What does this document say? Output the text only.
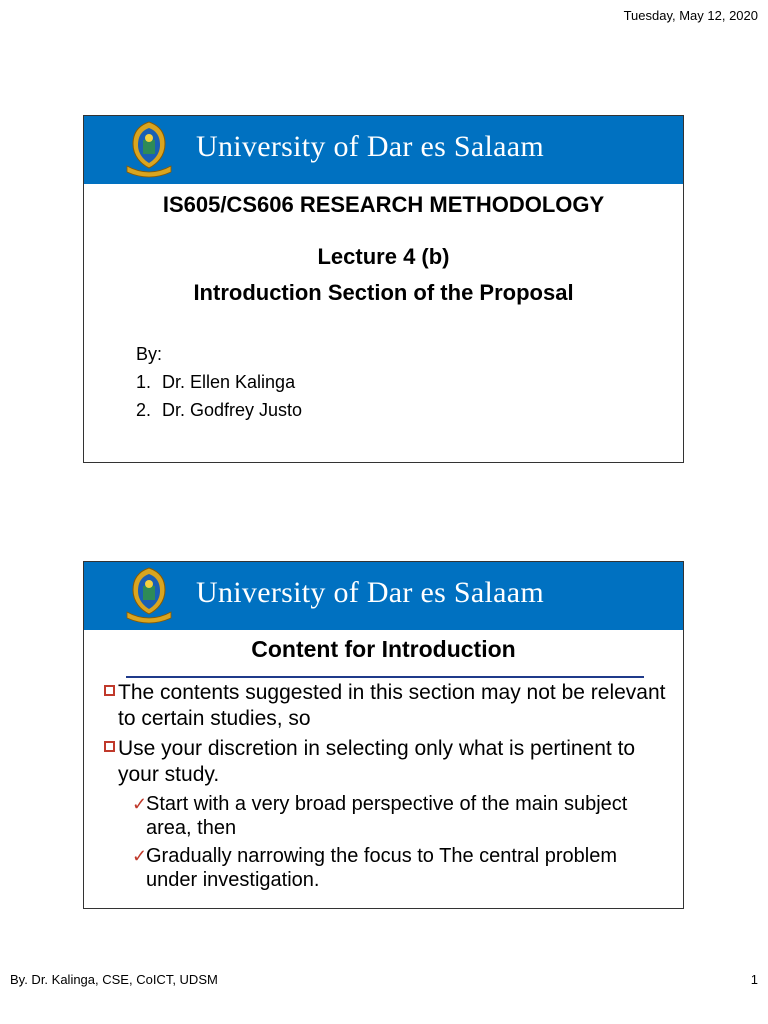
Tuesday, May 12, 2020
University of Dar es Salaam
IS605/CS606 RESEARCH METHODOLOGY
Lecture 4 (b)
Introduction Section of the Proposal
By:
1. Dr. Ellen Kalinga
2. Dr. Godfrey Justo
University of Dar es Salaam
Content for Introduction
The contents suggested in this section may not be relevant to certain studies, so
Use your discretion in selecting only what is pertinent to your study.
✓
Start with a very broad perspective of the main subject area, then
✓
Gradually narrowing the focus to The central problem under investigation.
By. Dr. Kalinga, CSE, CoICT, UDSM	1
